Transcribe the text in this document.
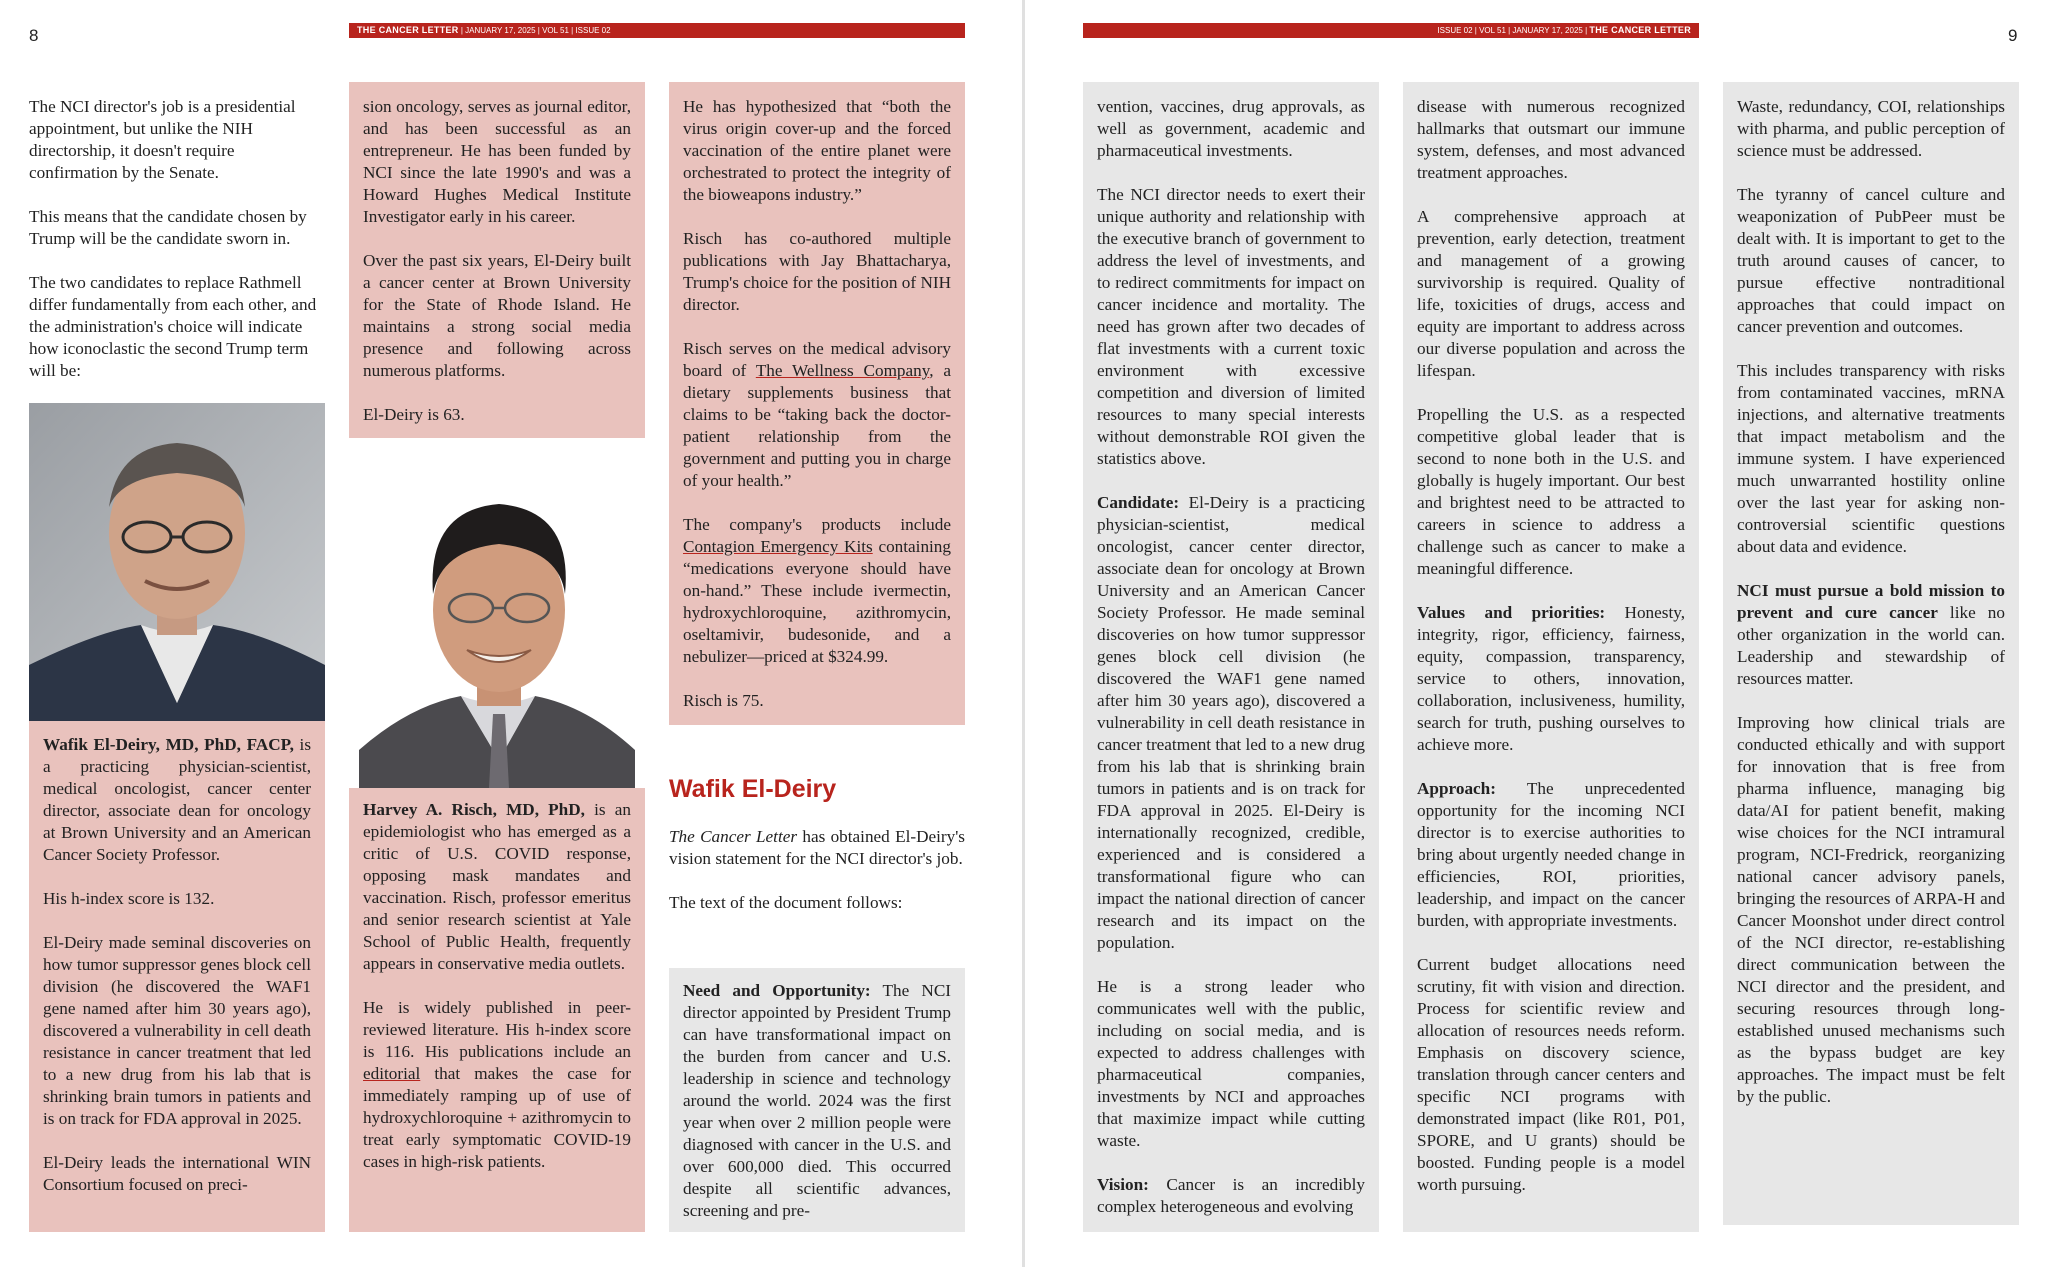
8	9
THE CANCER LETTER | JANUARY 17, 2025 | VOL 51 | ISSUE 02	ISSUE 02 | VOL 51 | JANUARY 17, 2025 | THE CANCER LETTER

The NCI director's job is a presidential appointment, but unlike the NIH directorship, it doesn't require confirmation by the Senate.

This means that the candidate chosen by Trump will be the candidate sworn in.

The two candidates to replace Rathmell differ fundamentally from each other, and the administration's choice will indicate how iconoclastic the second Trump term will be:

Wafik El-Deiry, MD, PhD, FACP, is a practicing physician-scientist, medical oncologist, cancer center director, associate dean for oncology at Brown University and an American Cancer Society Professor.

His h-index score is 132.

El-Deiry made seminal discoveries on how tumor suppressor genes block cell division (he discovered the WAF1 gene named after him 30 years ago), discovered a vulnerability in cell death resistance in cancer treatment that led to a new drug from his lab that is shrinking brain tumors in patients and is on track for FDA approval in 2025.

El-Deiry leads the international WIN Consortium focused on preci-

sion oncology, serves as journal editor, and has been successful as an entrepreneur. He has been funded by NCI since the late 1990's and was a Howard Hughes Medical Institute Investigator early in his career.

Over the past six years, El-Deiry built a cancer center at Brown University for the State of Rhode Island. He maintains a strong social media presence and following across numerous platforms.

El-Deiry is 63.

Harvey A. Risch, MD, PhD, is an epidemiologist who has emerged as a critic of U.S. COVID response, opposing mask mandates and vaccination. Risch, professor emeritus and senior research scientist at Yale School of Public Health, frequently appears in conservative media outlets.

He is widely published in peer-reviewed literature. His h-index score is 116. His publications include an editorial that makes the case for immediately ramping up of use of hydroxychloroquine + azithromycin to treat early symptomatic COVID-19 cases in high-risk patients.

He has hypothesized that “both the virus origin cover-up and the forced vaccination of the entire planet were orchestrated to protect the integrity of the bioweapons industry.”

Risch has co-authored multiple publications with Jay Bhattacharya, Trump's choice for the position of NIH director.

Risch serves on the medical advisory board of The Wellness Company, a dietary supplements business that claims to be “taking back the doctor-patient relationship from the government and putting you in charge of your health.”

The company's products include Contagion Emergency Kits containing “medications everyone should have on-hand.” These include ivermectin, hydroxychloroquine, azithromycin, oseltamivir, budesonide, and a nebulizer—priced at $324.99.

Risch is 75.

Wafik El-Deiry

The Cancer Letter has obtained El-Deiry's vision statement for the NCI director's job.

The text of the document follows:

Need and Opportunity: The NCI director appointed by President Trump can have transformational impact on the burden from cancer and U.S. leadership in science and technology around the world. 2024 was the first year when over 2 million people were diagnosed with cancer in the U.S. and over 600,000 died. This occurred despite all scientific advances, screening and pre-

vention, vaccines, drug approvals, as well as government, academic and pharmaceutical investments.

The NCI director needs to exert their unique authority and relationship with the executive branch of government to address the level of investments, and to redirect commitments for impact on cancer incidence and mortality. The need has grown after two decades of flat investments with a current toxic environment with excessive competition and diversion of limited resources to many special interests without demonstrable ROI given the statistics above.

Candidate: El-Deiry is a practicing physician-scientist, medical oncologist, cancer center director, associate dean for oncology at Brown University and an American Cancer Society Professor. He made seminal discoveries on how tumor suppressor genes block cell division (he discovered the WAF1 gene named after him 30 years ago), discovered a vulnerability in cell death resistance in cancer treatment that led to a new drug from his lab that is shrinking brain tumors in patients and is on track for FDA approval in 2025. El-Deiry is internationally recognized, credible, experienced and is considered a transformational figure who can impact the national direction of cancer research and its impact on the population.

He is a strong leader who communicates well with the public, including on social media, and is expected to address challenges with pharmaceutical companies, investments by NCI and approaches that maximize impact while cutting waste.

Vision: Cancer is an incredibly complex heterogeneous and evolving

disease with numerous recognized hallmarks that outsmart our immune system, defenses, and most advanced treatment approaches.

A comprehensive approach at prevention, early detection, treatment and management of a growing survivorship is required. Quality of life, toxicities of drugs, access and equity are important to address across our diverse population and across the lifespan.

Propelling the U.S. as a respected competitive global leader that is second to none both in the U.S. and globally is hugely important. Our best and brightest need to be attracted to careers in science to address a challenge such as cancer to make a meaningful difference.

Values and priorities: Honesty, integrity, rigor, efficiency, fairness, equity, compassion, transparency, service to others, innovation, collaboration, inclusiveness, humility, search for truth, pushing ourselves to achieve more.

Approach: The unprecedented opportunity for the incoming NCI director is to exercise authorities to bring about urgently needed change in efficiencies, ROI, priorities, leadership, and impact on the cancer burden, with appropriate investments.

Current budget allocations need scrutiny, fit with vision and direction. Process for scientific review and allocation of resources needs reform. Emphasis on discovery science, translation through cancer centers and specific NCI programs with demonstrated impact (like R01, P01, SPORE, and U grants) should be boosted. Funding people is a model worth pursuing.

Waste, redundancy, COI, relationships with pharma, and public perception of science must be addressed.

The tyranny of cancel culture and weaponization of PubPeer must be dealt with. It is important to get to the truth around causes of cancer, to pursue effective nontraditional approaches that could impact on cancer prevention and outcomes.

This includes transparency with risks from contaminated vaccines, mRNA injections, and alternative treatments that impact metabolism and the immune system. I have experienced much unwarranted hostility online over the last year for asking non-controversial scientific questions about data and evidence.

NCI must pursue a bold mission to prevent and cure cancer like no other organization in the world can. Leadership and stewardship of resources matter.

Improving how clinical trials are conducted ethically and with support for innovation that is free from pharma influence, managing big data/AI for patient benefit, making wise choices for the NCI intramural program, NCI-Fredrick, reorganizing national cancer advisory panels, bringing the resources of ARPA-H and Cancer Moonshot under direct control of the NCI director, re-establishing direct communication between the NCI director and the president, and securing resources through long-established unused mechanisms such as the bypass budget are key approaches. The impact must be felt by the public.
